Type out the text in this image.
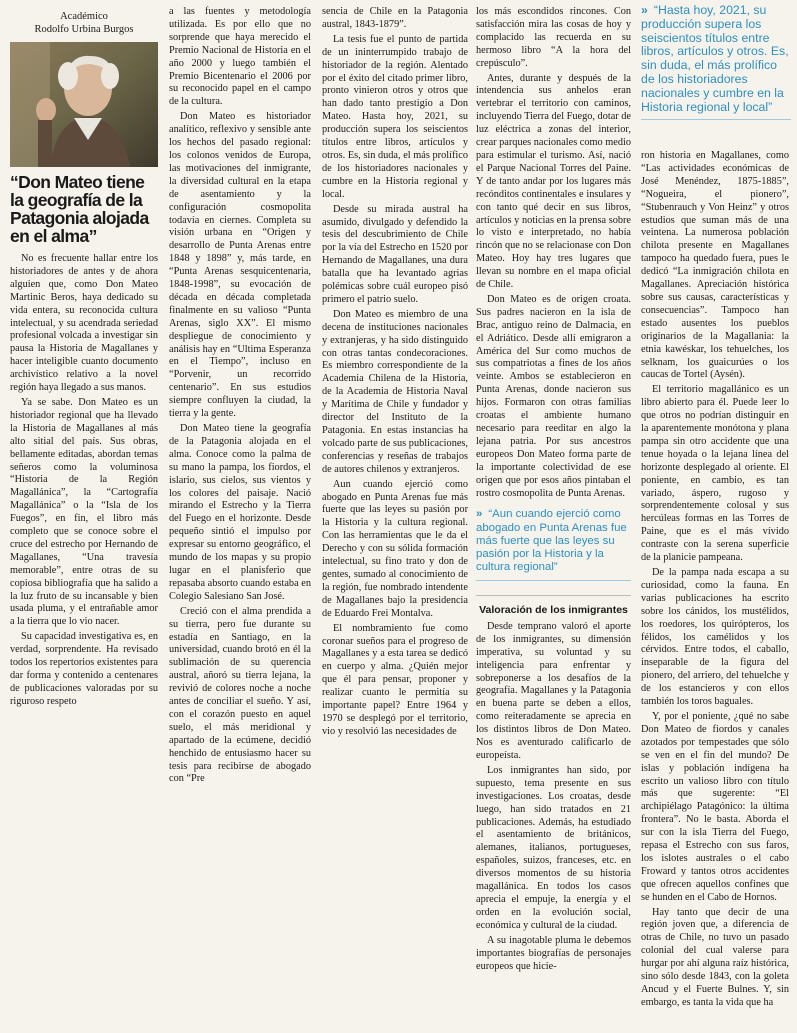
Académico
Rodolfo Urbina Burgos
“Don Mateo tiene la geografía de la Patagonia alojada en el alma”

No es frecuente hallar entre los historiadores de antes y de ahora alguien que, como Don Mateo Martinic Beros, haya dedicado su vida entera, su reconocida cultura intelectual, y su acendrada seriedad profesional volcada a investigar sin pausa la Historia de Magallanes y hacer inteligible cuanto documento archivístico relativo a la novel región haya llegado a sus manos.

Ya se sabe. Don Mateo es un historiador regional que ha llevado la Historia de Magallanes al más alto sitial del país. Sus obras, bellamente editadas, abordan temas señeros como la voluminosa “Historia de la Región Magallánica”, la “Cartografía Magallánica” o la “Isla de los Fuegos”, en fin, el libro más completo que se conoce sobre el cruce del estrecho por Hernando de Magallanes, “Una travesía memorable”, entre otras de su copiosa bibliografía que ha salido a la luz fruto de su incansable y bien usada pluma, y el entrañable amor a la tierra que lo vio nacer.

Su capacidad investigativa es, en verdad, sorprendente. Ha revisado todos los repertorios existentes para dar forma y contenido a centenares de publicaciones valoradas por su riguroso respeto

a las fuentes y metodología utilizada. Es por ello que no sorprende que haya merecido el Premio Nacional de Historia en el año 2000 y luego también el Premio Bicentenario el 2006 por su reconocido papel en el campo de la cultura.

Don Mateo es historiador analítico, reflexivo y sensible ante los hechos del pasado regional: los colonos venidos de Europa, las motivaciones del inmigrante, la diversidad cultural en la etapa de asentamiento y la configuración cosmopolita todavía en ciernes. Completa su visión urbana en “Origen y desarrollo de Punta Arenas entre 1848 y 1898” y, más tarde, en “Punta Arenas sesquicentenaria, 1848-1998”, su evocación de década en década completada finalmente en su valioso “Punta Arenas, siglo XX”. El mismo despliegue de conocimiento y análisis hay en “Ultima Esperanza en el Tiempo”, incluso en “Porvenir, un recorrido centenario”. En sus estudios siempre confluyen la ciudad, la tierra y la gente.

Don Mateo tiene la geografía de la Patagonia alojada en el alma. Conoce como la palma de su mano la pampa, los fiordos, el islario, sus cielos, sus vientos y los colores del paisaje. Nació mirando el Estrecho y la Tierra del Fuego en el horizonte. Desde pequeño sintió el impulso por expresar su entorno geográfico, el mundo de los mapas y su propio lugar en el planisferio que repasaba absorto cuando estaba en Colegio Salesiano San José.

Creció con el alma prendida a su tierra, pero fue durante su estadía en Santiago, en la universidad, cuando brotó en él la sublimación de su querencia austral, añoró su tierra lejana, la revivió de colores noche a noche antes de conciliar el sueño. Y así, con el corazón puesto en aquel suelo, el más meridional y apartado de la ecúmene, decidió henchido de entusiasmo hacer su tesis para recibirse de abogado con “Pre

sencia de Chile en la Patagonia austral, 1843-1879”.

La tesis fue el punto de partida de un ininterrumpido trabajo de historiador de la región. Alentado por el éxito del citado primer libro, pronto vinieron otros y otros que han dado tanto prestigio a Don Mateo. Hasta hoy, 2021, su producción supera los seiscientos títulos entre libros, artículos y otros. Es, sin duda, el más prolífico de los historiadores nacionales y cumbre en la Historia regional y local.

Desde su mirada austral ha asumido, divulgado y defendido la tesis del descubrimiento de Chile por la vía del Estrecho en 1520 por Hernando de Magallanes, una dura batalla que ha levantado agrias polémicas sobre cuál europeo pisó primero el patrio suelo.

Don Mateo es miembro de una decena de instituciones nacionales y extranjeras, y ha sido distinguido con otras tantas condecoraciones. Es miembro correspondiente de la Academia Chilena de la Historia, de la Academia de Historia Naval y Marítima de Chile y fundador y director del Instituto de la Patagonia. En estas instancias ha volcado parte de sus publicaciones, conferencias y reseñas de trabajos de autores chilenos y extranjeros.

Aun cuando ejerció como abogado en Punta Arenas fue más fuerte que las leyes su pasión por la Historia y la cultura regional. Con las herramientas que le da el Derecho y con su sólida formación intelectual, su fino trato y don de gentes, sumado al conocimiento de la región, fue nombrado intendente de Magallanes bajo la presidencia de Eduardo Frei Montalva.

El nombramiento fue como coronar sueños para el progreso de Magallanes y a esta tarea se dedicó en cuerpo y alma. ¿Quién mejor que él para pensar, proponer y realizar cuanto le permitía su importante papel? Entre 1964 y 1970 se desplegó por el territorio, vio y resolvió las necesidades de

los más escondidos rincones. Con satisfacción mira las cosas de hoy y complacido las recuerda en su hermoso libro “A la hora del crepúsculo”.

Antes, durante y después de la intendencia sus anhelos eran vertebrar el territorio con caminos, incluyendo Tierra del Fuego, dotar de luz eléctrica a zonas del interior, crear parques nacionales como medio para estimular el turismo. Así, nació el Parque Nacional Torres del Paine. Y de tanto andar por los lugares más recónditos continentales e insulares y con tanto qué decir en sus libros, artículos y noticias en la prensa sobre lo visto e interpretado, no había rincón que no se relacionase con Don Mateo. Hoy hay tres lugares que llevan su nombre en el mapa oficial de Chile.

Don Mateo es de origen croata. Sus padres nacieron en la isla de Brac, antiguo reino de Dalmacia, en el Adriático. Desde allí emigraron a América del Sur como muchos de sus compatriotas a fines de los años veinte. Ambos se establecieron en Punta Arenas, donde nacieron sus hijos. Formaron con otras familias croatas el ambiente humano necesario para reeditar en algo la lejana patria. Por sus ancestros europeos Don Mateo forma parte de la importante colectividad de ese origen que por esos años pintaban el rostro cosmopolita de Punta Arenas.

» “Aun cuando ejerció como abogado en Punta Arenas fue más fuerte que las leyes su pasión por la Historia y la cultura regional”
Valoración de los inmigrantes

Desde temprano valoró el aporte de los inmigrantes, su dimensión imperativa, su voluntad y su inteligencia para enfrentar y sobreponerse a los desafíos de la geografía. Magallanes y la Patagonia en buena parte se deben a ellos, como reiteradamente se aprecia en los distintos libros de Don Mateo. Nos es aventurado calificarlo de europeísta.

Los inmigrantes han sido, por supuesto, tema presente en sus investigaciones. Los croatas, desde luego, han sido tratados en 21 publicaciones. Además, ha estudiado el asentamiento de británicos, alemanes, italianos, portugueses, españoles, suizos, franceses, etc. en diversos momentos de su historia magallánica. En todos los casos aprecia el empuje, la energía y el orden en la evolución social, económica y cultural de la ciudad.

A su inagotable pluma le debemos importantes biografías de personajes europeos que hicie-

» “Hasta hoy, 2021, su producción supera los seiscientos títulos entre libros, artículos y otros. Es, sin duda, el más prolífico de los historiadores nacionales y cumbre en la Historia regional y local”

ron historia en Magallanes, como “Las actividades económicas de José Menéndez, 1875-1885”, “Nogueira, el pionero”, “Stubenrauch y Von Heinz” y otros estudios que suman más de una veintena. La numerosa población chilota presente en Magallanes tampoco ha quedado fuera, pues le dedicó “La inmigración chilota en Magallanes. Apreciación histórica sobre sus causas, características y consecuencias”. Tampoco han estado ausentes los pueblos originarios de la Magallania: la etnia kawéskar, los tehuelches, los selknam, los guaicurúes o los caucas de Tortel (Aysén).

El territorio magallánico es un libro abierto para él. Puede leer lo que otros no podrían distinguir en la aparentemente monótona y plana pampa sin otro accidente que una tenue hoyada o la lejana línea del horizonte desplegado al oriente. El poniente, en cambio, es tan variado, áspero, rugoso y sorprendentemente colosal y sus hercúleas formas en las Torres de Paine, que es el más vívido contraste con la serena superficie de la planicie pampeana.

De la pampa nada escapa a su curiosidad, como la fauna. En varias publicaciones ha escrito sobre los cánidos, los mustélidos, los roedores, los quirópteros, los félidos, los camélidos y los cérvidos. Entre todos, el caballo, inseparable de la figura del pionero, del arriero, del tehuelche y de los estancieros y con ellos también los toros baguales.

Y, por el poniente, ¿qué no sabe Don Mateo de fiordos y canales azotados por tempestades que sólo se ven en el fin del mundo? De islas y población indígena ha escrito un valioso libro con título más que sugerente: “El archipiélago Patagónico: la última frontera”. No le basta. Aborda el sur con la isla Tierra del Fuego, repasa el Estrecho con sus faros, los islotes australes o el cabo Froward y tantos otros accidentes que ofrecen aquellos confines que se hunden en el Cabo de Hornos.

Hay tanto que decir de una región joven que, a diferencia de otras de Chile, no tuvo un pasado colonial del cual valerse para hurgar por ahí alguna raíz histórica, sino sólo desde 1843, con la goleta Ancud y el Fuerte Bulnes. Y, sin embargo, es tanta la vida que ha
